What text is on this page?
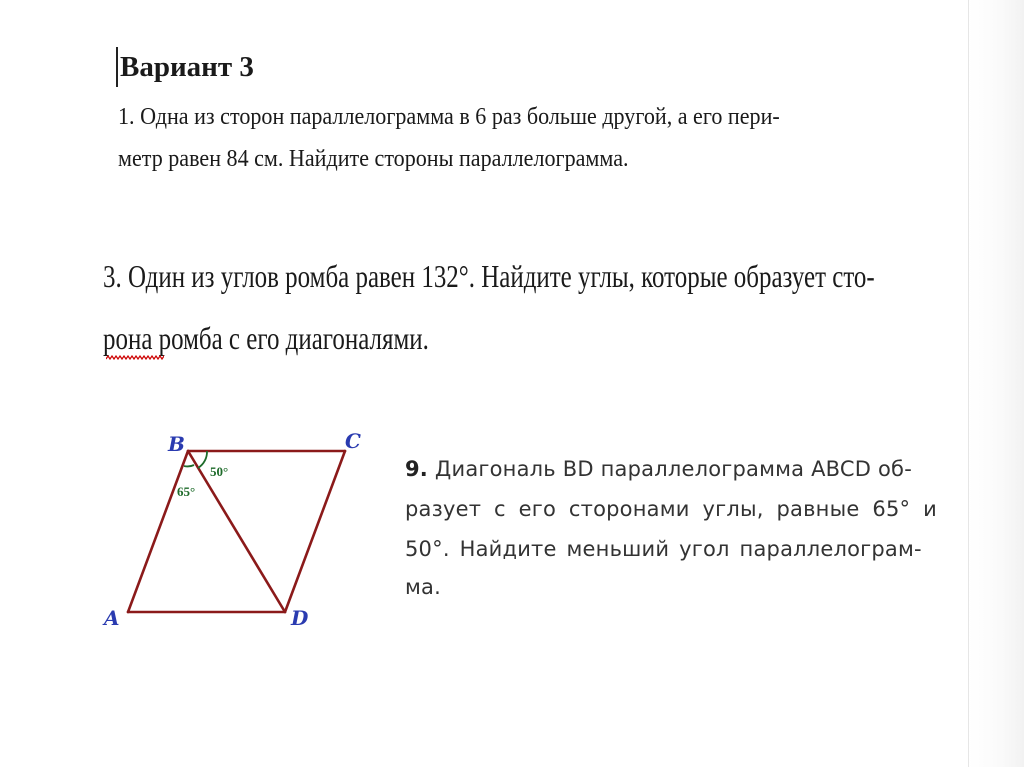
Вариант 3
1. Одна из сторон параллелограмма в 6 раз больше другой, а его пери-
метр равен 84 см. Найдите стороны параллелограмма.
3. Один из углов ромба равен 132°. Найдите углы, которые образует сто-
рона ромба с его диагоналями.
B	C
A	D
50°
65°
9. Диагональ BD параллелограмма ABCD об-
разует с его сторонами углы, равные 65° и
50°. Найдите меньший угол параллелограм-
ма.
